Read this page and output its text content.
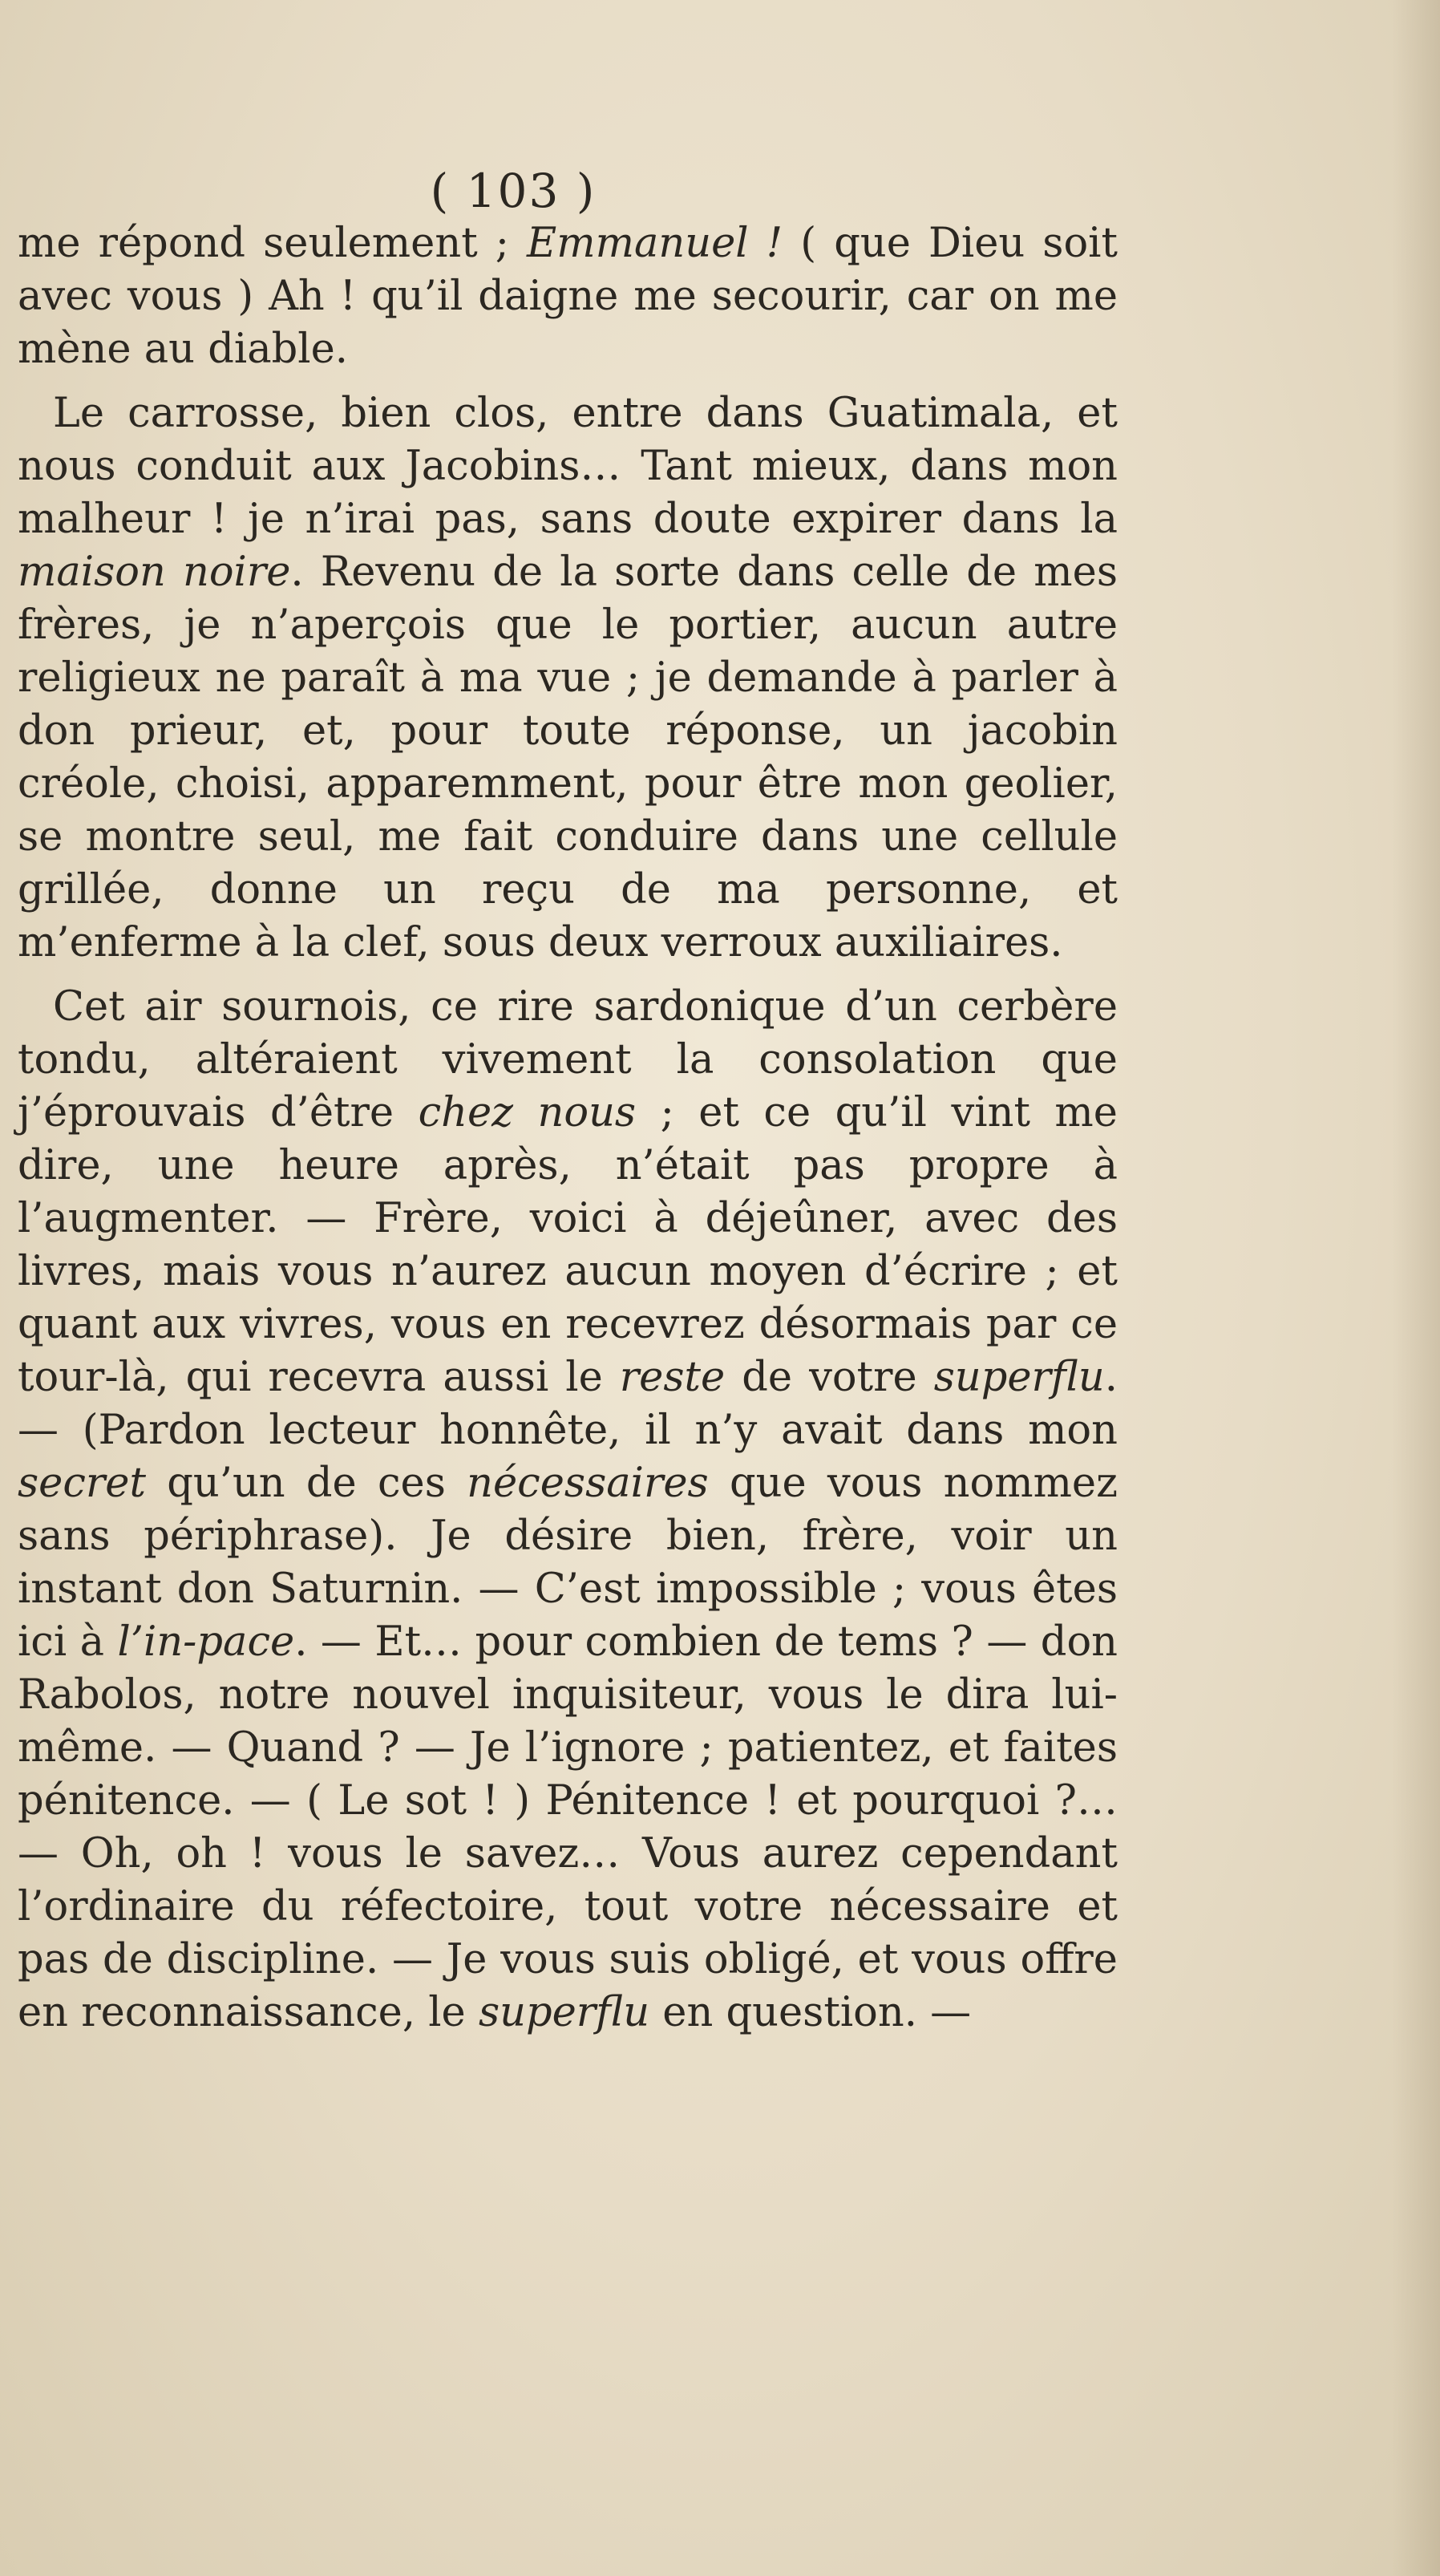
( 103 )

me répond seulement ; Emmanuel ! ( que Dieu soit avec vous ) Ah ! qu’il daigne me secourir, car on me mène au diable.

Le carrosse, bien clos, entre dans Guatimala, et nous conduit aux Jacobins… Tant mieux, dans mon malheur ! je n’irai pas, sans doute expirer dans la maison noire. Revenu de la sorte dans celle de mes frères, je n’aperçois que le portier, aucun autre religieux ne paraît à ma vue ; je demande à parler à don prieur, et, pour toute réponse, un jacobin créole, choisi, apparemment, pour être mon geolier, se montre seul, me fait conduire dans une cellule grillée, donne un reçu de ma personne, et m’enferme à la clef, sous deux verroux auxiliaires.

Cet air sournois, ce rire sardonique d’un cerbère tondu, altéraient vivement la consolation que j’éprouvais d’être chez nous ; et ce qu’il vint me dire, une heure après, n’était pas propre à l’augmenter. — Frère, voici à déjeûner, avec des livres, mais vous n’aurez aucun moyen d’écrire ; et quant aux vivres, vous en recevrez désormais par ce tour-là, qui recevra aussi le reste de votre superflu.— (Pardon lecteur honnête, il n’y avait dans mon secret qu’un de ces nécessaires que vous nommez sans périphrase). Je désire bien, frère, voir un instant don Saturnin. — C’est impossible ; vous êtes ici à l’in-pace. — Et… pour combien de tems ? — don Rabolos, notre nouvel inquisiteur, vous le dira lui-même. — Quand ? — Je l’ignore ; patientez, et faites pénitence. — ( Le sot ! ) Pénitence ! et pourquoi ?… — Oh, oh ! vous le savez… Vous aurez cependant l’ordinaire du réfectoire, tout votre nécessaire et pas de discipline. — Je vous suis obligé, et vous offre en reconnaissance, le superflu en question. —
